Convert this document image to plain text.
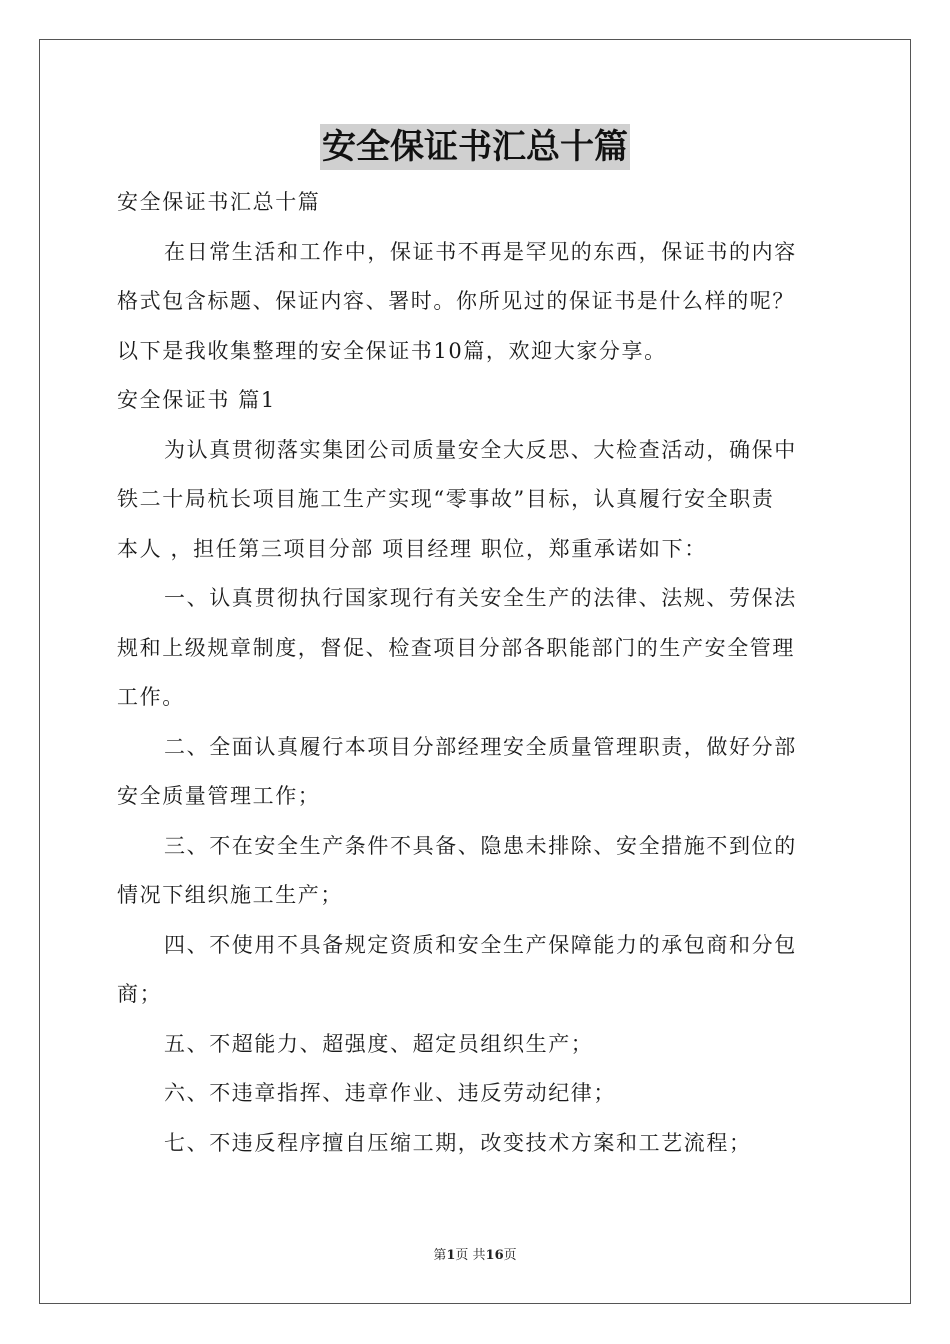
安全保证书汇总十篇
安全保证书汇总十篇
在日常生活和工作中，保证书不再是罕见的东西，保证书的内容
格式包含标题、保证内容、署时。你所见过的保证书是什么样的呢？
以下是我收集整理的安全保证书10篇，欢迎大家分享。
安全保证书 篇1
为认真贯彻落实集团公司质量安全大反思、大检查活动，确保中
铁二十局杭长项目施工生产实现“零事故”目标，认真履行安全职责
本人 ，担任第三项目分部 项目经理 职位，郑重承诺如下：
一、认真贯彻执行国家现行有关安全生产的法律、法规、劳保法
规和上级规章制度，督促、检查项目分部各职能部门的生产安全管理
工作。
二、全面认真履行本项目分部经理安全质量管理职责，做好分部
安全质量管理工作；
三、不在安全生产条件不具备、隐患未排除、安全措施不到位的
情况下组织施工生产；
四、不使用不具备规定资质和安全生产保障能力的承包商和分包
商；
五、不超能力、超强度、超定员组织生产；
六、不违章指挥、违章作业、违反劳动纪律；
七、不违反程序擅自压缩工期，改变技术方案和工艺流程；
第1页 共16页
